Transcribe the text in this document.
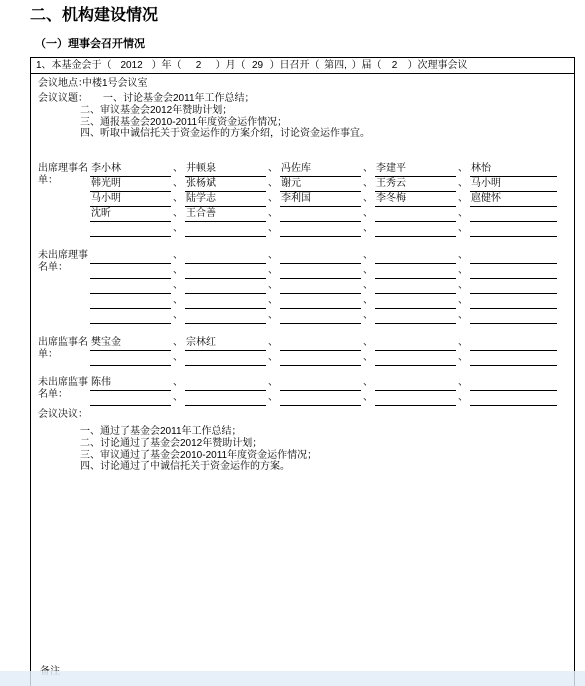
二、机构建设情况
（一）理事会召开情况
1、本基金会于（ 2012 ）年（ 2 ）月（ 29 ）日召开（ 第四, ）届（ 2 ）次理事会议
会议地点：
中楼1号会议室
会议议题： 一、讨论基金会2011年工作总结；
二、审议基金会2012年赞助计划；
三、通报基金会2010-2011年度资金运作情况；
四、听取中诚信托关于资金运作的方案介绍，讨论资金运作事宜。
出席理事名
单：
李小林	、 井顿泉	、 冯佐库	、 李建平	、 林怡
韩光明	、 张杨斌	、 谢元	、 王秀云	、 马小明
马小明	、 陆学志	、 李利国	、 李冬梅	、 扈健怀
沈昕	、 王合善	、	、	、
、	、	、	、
未出席理事
名单：
、	、	、	、
、	、	、	、
、	、	、	、
、	、	、	、
、	、	、	、
出席监事名
单：
樊宝金	、 宗林红	、	、	、
、	、	、	、
未出席监事
名单：
陈伟	、	、	、	、
、	、	、	、
会议决议：
一、通过了基金会2011年工作总结；
二、讨论通过了基金会2012年赞助计划；
三、审议通过了基金会2010-2011年度资金运作情况；
四、讨论通过了中诚信托关于资金运作的方案。
